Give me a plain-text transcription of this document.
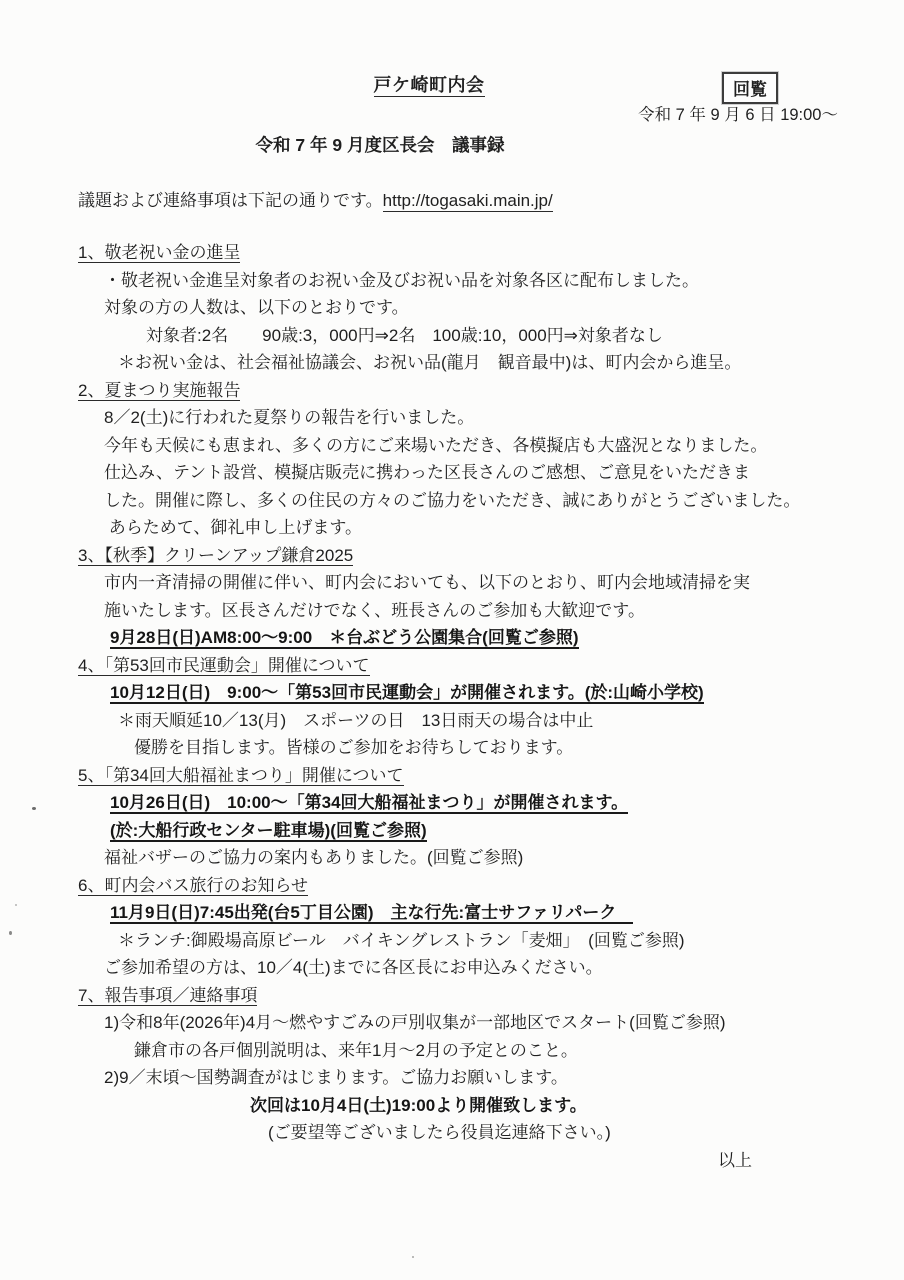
戸ケ崎町内会	回覧
令和 7 年 9 月 6 日 19:00～
令和 7 年 9 月度区長会　議事録
議題および連絡事項は下記の通りです。http://togasaki.main.jp/
1、敬老祝い金の進呈
・敬老祝い金進呈対象者のお祝い金及びお祝い品を対象各区に配布しました。
対象の方の人数は、以下のとおりです。
対象者:2名　　90歳:3，000円⇒2名　100歳:10，000円⇒対象者なし
＊お祝い金は、社会福祉協議会、お祝い品(龍月　観音最中)は、町内会から進呈。
2、夏まつり実施報告
8／2(土)に行われた夏祭りの報告を行いました。
今年も天候にも恵まれ、多くの方にご来場いただき、各模擬店も大盛況となりました。
仕込み、テント設営、模擬店販売に携わった区長さんのご感想、ご意見をいただきま
した。開催に際し、多くの住民の方々のご協力をいただき、誠にありがとうございました。
あらためて、御礼申し上げます。
3、【秋季】クリーンアップ鎌倉2025
市内一斉清掃の開催に伴い、町内会においても、以下のとおり、町内会地域清掃を実
施いたします。区長さんだけでなく、班長さんのご参加も大歓迎です。
9月28日(日)AM8:00～9:00　＊台ぶどう公園集合(回覧ご参照)
4、「第53回市民運動会」開催について
10月12日(日)　9:00～「第53回市民運動会」が開催されます。(於:山崎小学校)
＊雨天順延10／13(月)　スポーツの日　13日雨天の場合は中止
優勝を目指します。皆様のご参加をお待ちしております。
5、「第34回大船福祉まつり」開催について
10月26日(日)　10:00～「第34回大船福祉まつり」が開催されます。
(於:大船行政センター駐車場)(回覧ご参照)
福祉バザーのご協力の案内もありました。(回覧ご参照)
6、町内会バス旅行のお知らせ
11月9日(日)7:45出発(台5丁目公園)　主な行先:富士サファリパーク　
＊ランチ:御殿場高原ビール　バイキングレストラン「麦畑」　(回覧ご参照)
ご参加希望の方は、10／4(土)までに各区長にお申込みください。
7、報告事項／連絡事項
1)令和8年(2026年)4月～燃やすごみの戸別収集が一部地区でスタート(回覧ご参照)
鎌倉市の各戸個別説明は、来年1月～2月の予定とのこと。
2)9／末頃～国勢調査がはじまります。ご協力お願いします。
次回は10月4日(土)19:00より開催致します。
(ご要望等ございましたら役員迄連絡下さい。)
以上
